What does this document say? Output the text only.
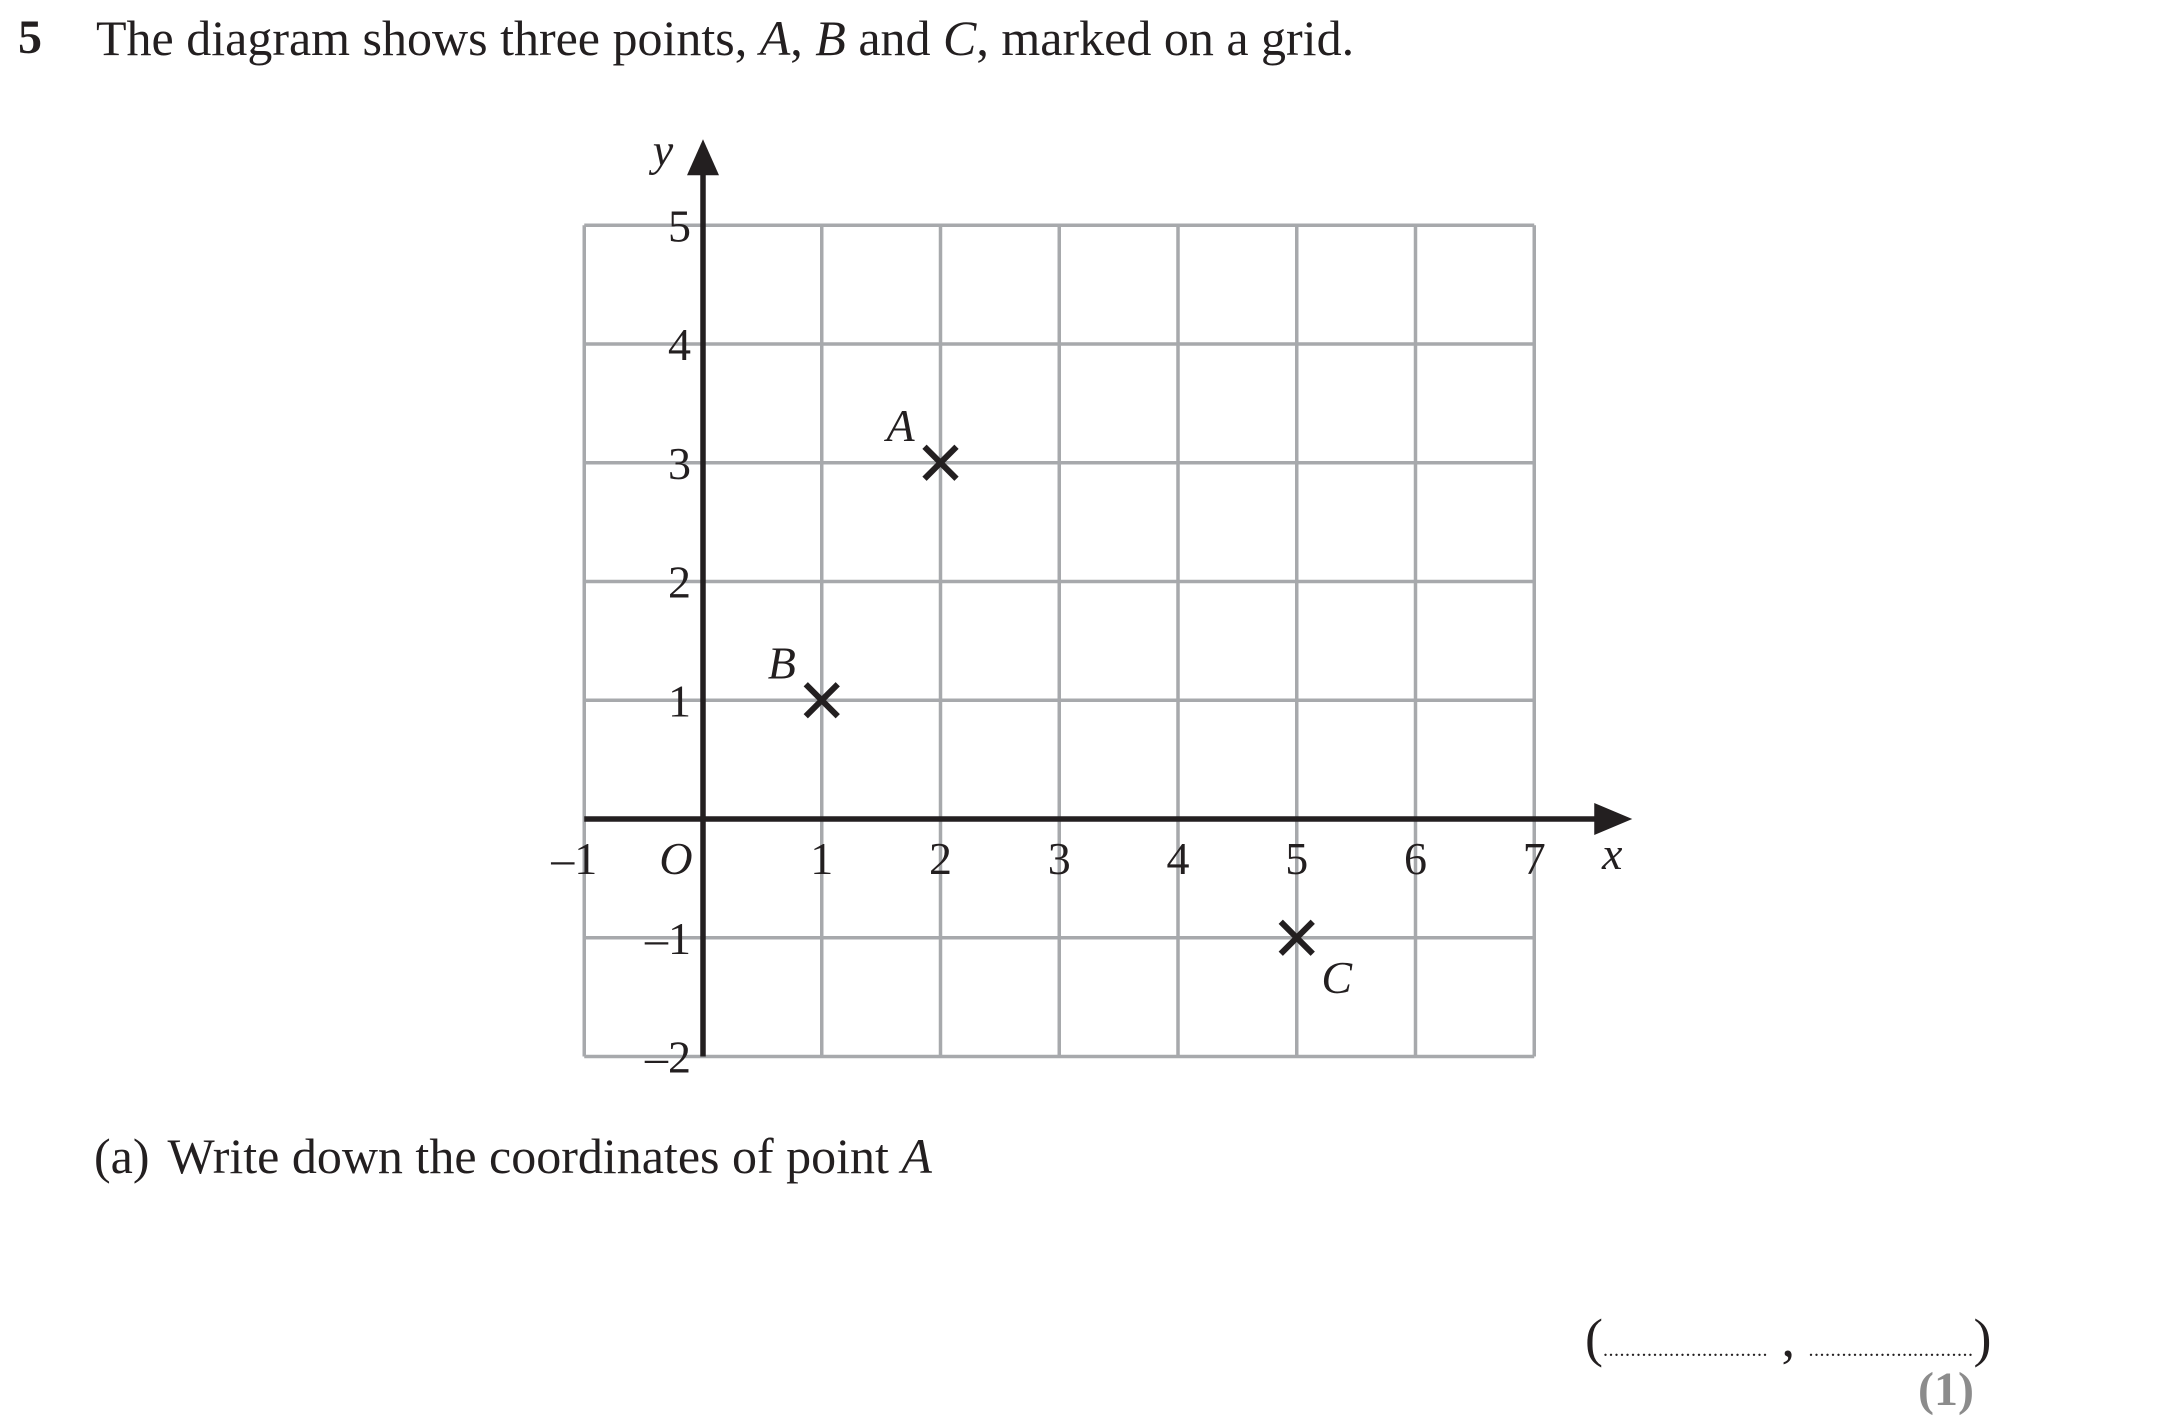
5 The diagram shows three points, A, B and C, marked on a grid.
–1	1 2 3 4 5 6 7
–2
–1
1
2
3
4
5
O	x
y
A
B
C
(a) Write down the coordinates of point A
(.............................. , ..............................)
(1)
